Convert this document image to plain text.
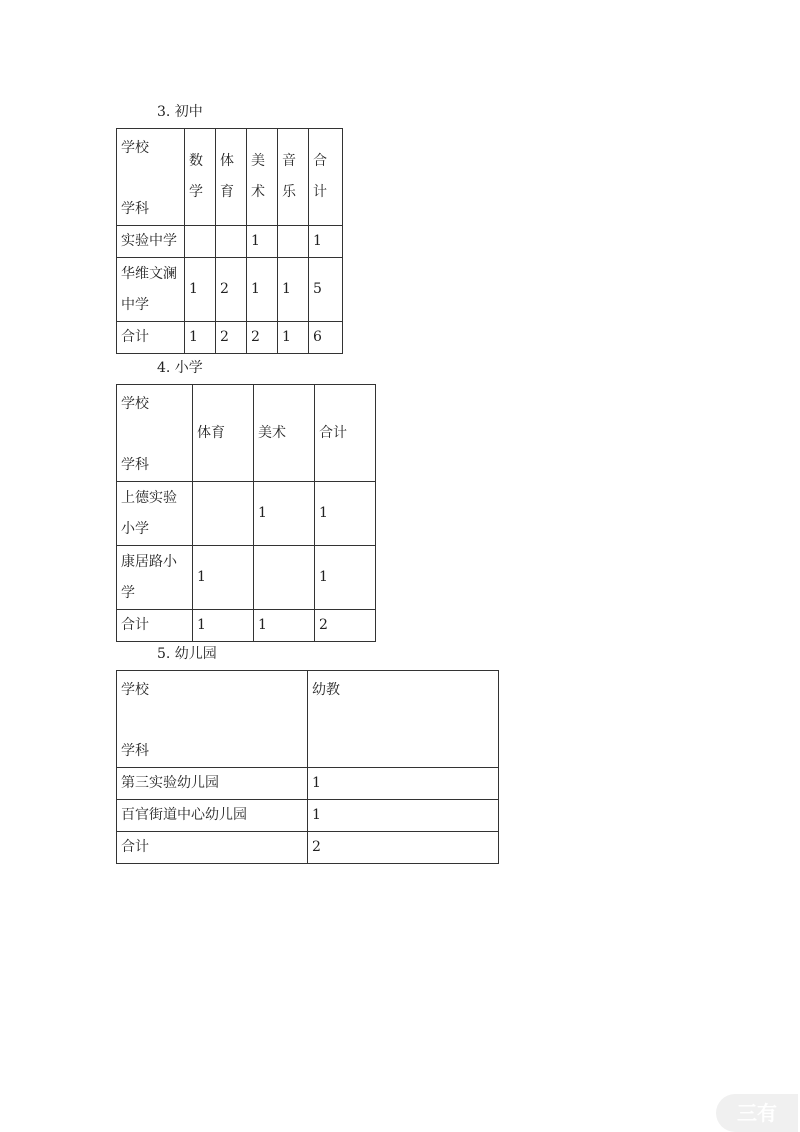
3. 初中
学校
学科	数学	体育	美术	音乐	合计
实验中学			1		1
华维文澜中学	1	2	1	1	5
合计	1	2	2	1	6
4. 小学
学校
学科	体育	美术	合计
上德实验小学		1	1
康居路小学	1		1
合计	1	1	2
5. 幼儿园
学校
学科	幼教
第三实验幼儿园	1
百官街道中心幼儿园	1
合计	2
三有
